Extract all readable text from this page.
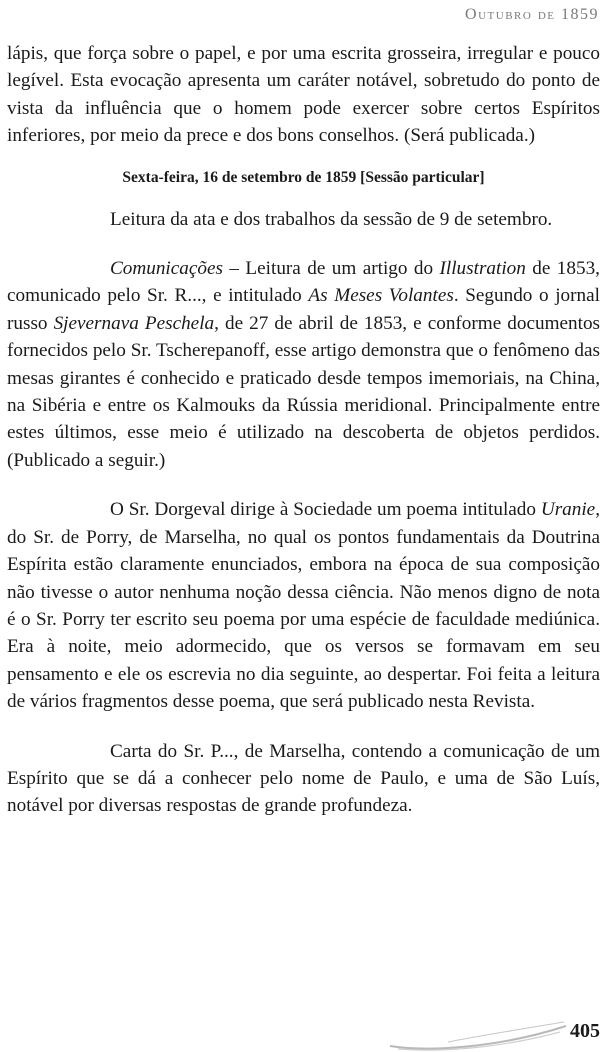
Outubro de 1859

lápis, que força sobre o papel, e por uma escrita grosseira, irregular e pouco legível. Esta evocação apresenta um caráter notável, sobretudo do ponto de vista da influência que o homem pode exercer sobre certos Espíritos inferiores, por meio da prece e dos bons conselhos. (Será publicada.)

Sexta-feira, 16 de setembro de 1859 [Sessão particular]

Leitura da ata e dos trabalhos da sessão de 9 de setembro.

Comunicações – Leitura de um artigo do Illustration de 1853, comunicado pelo Sr. R..., e intitulado As Meses Volantes. Segundo o jornal russo Sjevernava Peschela, de 27 de abril de 1853, e conforme documentos fornecidos pelo Sr. Tscherepanoff, esse artigo demonstra que o fenômeno das mesas girantes é conhecido e praticado desde tempos imemoriais, na China, na Sibéria e entre os Kalmouks da Rússia meridional. Principalmente entre estes últimos, esse meio é utilizado na descoberta de objetos perdidos. (Publicado a seguir.)

O Sr. Dorgeval dirige à Sociedade um poema intitulado Uranie, do Sr. de Porry, de Marselha, no qual os pontos fundamentais da Doutrina Espírita estão claramente enunciados, embora na época de sua composição não tivesse o autor nenhuma noção dessa ciência. Não menos digno de nota é o Sr. Porry ter escrito seu poema por uma espécie de faculdade mediúnica. Era à noite, meio adormecido, que os versos se formavam em seu pensamento e ele os escrevia no dia seguinte, ao despertar. Foi feita a leitura de vários fragmentos desse poema, que será publicado nesta Revista.

Carta do Sr. P..., de Marselha, contendo a comunicação de um Espírito que se dá a conhecer pelo nome de Paulo, e uma de São Luís, notável por diversas respostas de grande profundeza.

405
